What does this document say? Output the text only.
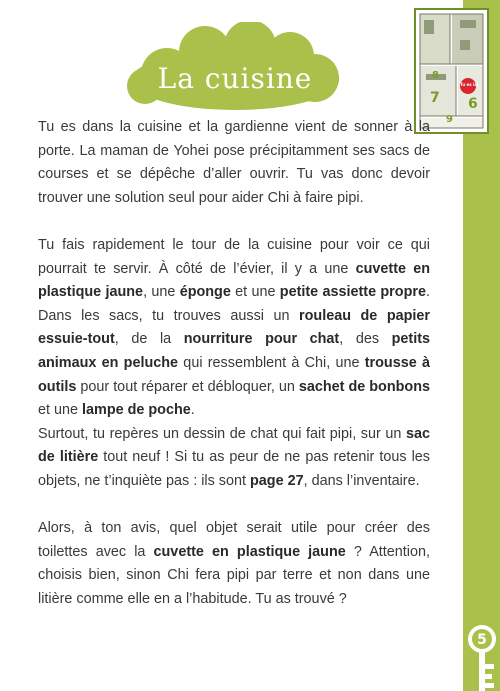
La cuisine	8
7 6
9
Tu es ici

Tu es dans la cuisine et la gardienne vient de sonner à la porte. La maman de Yohei pose précipitamment ses sacs de courses et se dépêche d’aller ouvrir. Tu vas donc devoir trouver une solution seul pour aider Chi à faire pipi.

Tu fais rapidement le tour de la cuisine pour voir ce qui pourrait te servir. À côté de l’évier, il y a une cuvette en plastique jaune, une éponge et une petite assiette propre. Dans les sacs, tu trouves aussi un rouleau de papier essuie-tout, de la nourriture pour chat, des petits animaux en peluche qui ressemblent à Chi, une trousse à outils pour tout réparer et débloquer, un sachet de bonbons et une lampe de poche.

Surtout, tu repères un dessin de chat qui fait pipi, sur un sac de litière tout neuf ! Si tu as peur de ne pas retenir tous les objets, ne t’inquiète pas : ils sont page 27, dans l’inventaire.

Alors, à ton avis, quel objet serait utile pour créer des toilettes avec la cuvette en plastique jaune ? Attention, choisis bien, sinon Chi fera pipi par terre et non dans une litière comme elle en a l’habitude. Tu as trouvé ?

5
